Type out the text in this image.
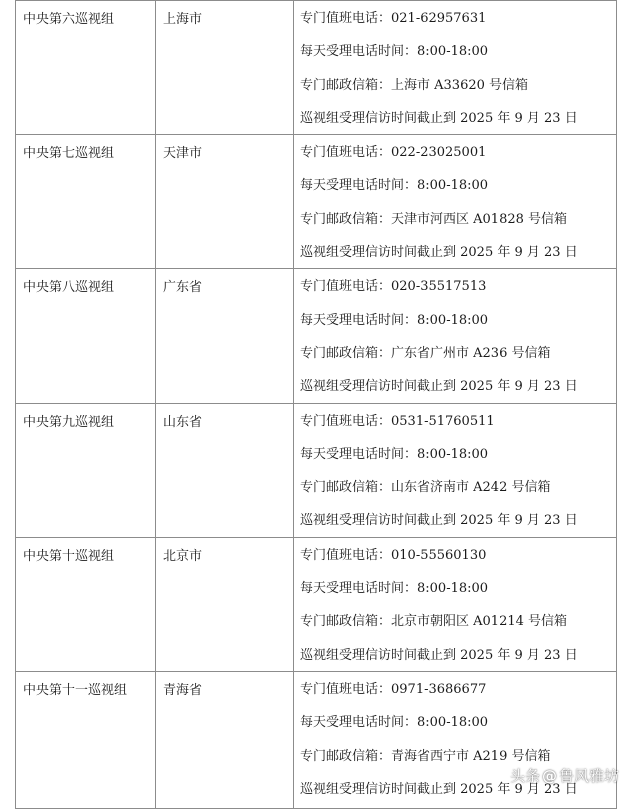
中央第六巡视组	上海市	专门值班电话：021-62957631
每天受理电话时间：8:00-18:00
专门邮政信箱：上海市 A33620 号信箱
巡视组受理信访时间截止到 2025 年 9 月 23 日

中央第七巡视组	天津市	专门值班电话：022-23025001
每天受理电话时间：8:00-18:00
专门邮政信箱：天津市河西区 A01828 号信箱
巡视组受理信访时间截止到 2025 年 9 月 23 日

中央第八巡视组	广东省	专门值班电话：020-35517513
每天受理电话时间：8:00-18:00
专门邮政信箱：广东省广州市 A236 号信箱
巡视组受理信访时间截止到 2025 年 9 月 23 日

中央第九巡视组	山东省	专门值班电话：0531-51760511
每天受理电话时间：8:00-18:00
专门邮政信箱：山东省济南市 A242 号信箱
巡视组受理信访时间截止到 2025 年 9 月 23 日

中央第十巡视组	北京市	专门值班电话：010-55560130
每天受理电话时间：8:00-18:00
专门邮政信箱：北京市朝阳区 A01214 号信箱
巡视组受理信访时间截止到 2025 年 9 月 23 日

中央第十一巡视组	青海省	专门值班电话：0971-3686677
每天受理电话时间：8:00-18:00
专门邮政信箱：青海省西宁市 A219 号信箱
巡视组受理信访时间截止到 2025 年 9 月 23 日
头条 @ 鲁风雅坊
